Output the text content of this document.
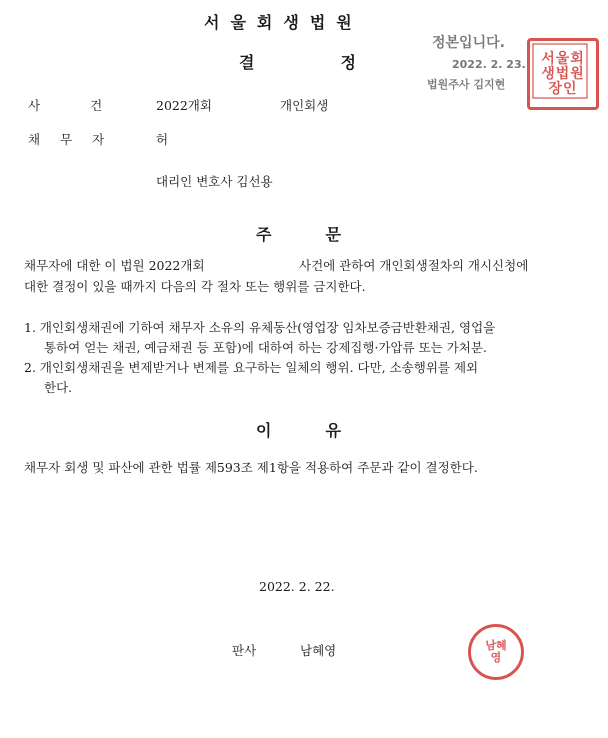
서울회생법원
결	정
정본입니다.
2022. 2. 23.
법원주사 김지현
서울회생법원장인
사	건	2022개회	개인회생
채 무 자	허
대리인 변호사 김선용
주	문
채무자에 대한 이 법원 2022개회	사건에 관하여 개인회생절차의 개시신청에
대한 결정이 있을 때까지 다음의 각 절차 또는 행위를 금지한다.
1. 개인회생채권에 기하여 채무자 소유의 유체동산(영업장 임차보증금반환채권, 영업을
통하여 얻는 채권, 예금채권 등 포함)에 대하여 하는 강제집행·가압류 또는 가처분.
2. 개인회생채권을 변제받거나 변제를 요구하는 일체의 행위. 다만, 소송행위를 제외
한다.
이	유
채무자 회생 및 파산에 관한 법률 제593조 제1항을 적용하여 주문과 같이 결정한다.
2022. 2. 22.
판사	남혜영	남혜영
